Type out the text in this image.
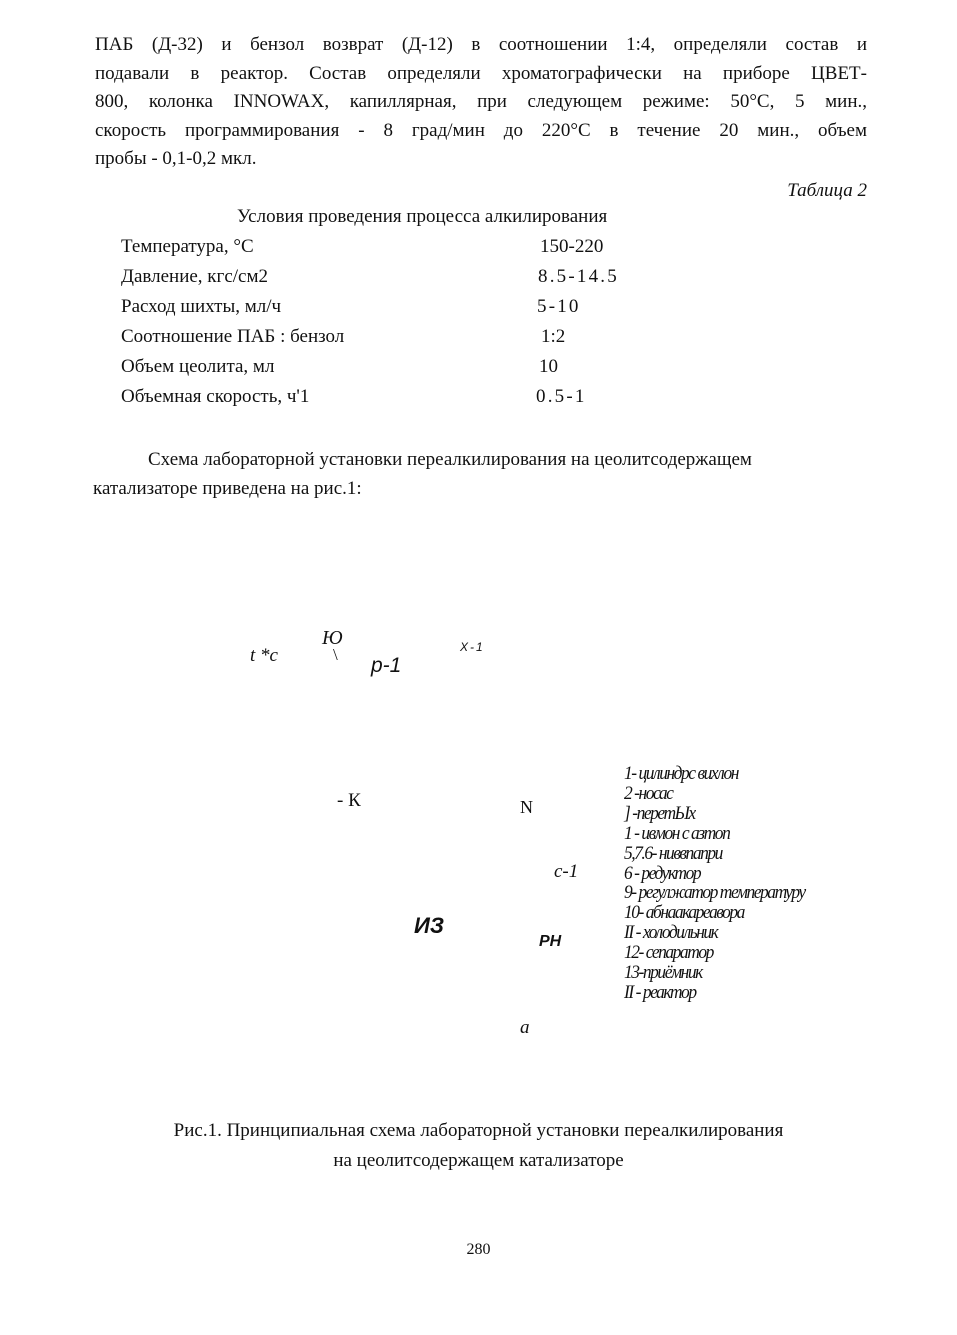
ПАБ (Д-32) и бензол возврат (Д-12) в соотношении 1:4, определяли состав и
подавали в реактор. Состав определяли хроматографически на приборе ЦВЕТ-
800, колонка INNOWAX, капиллярная, при следующем режиме: 50°С, 5 мин.,
скорость программирования - 8 град/мин до 220°С в течение 20 мин., объем
пробы - 0,1-0,2 мкл.
Таблица 2
Условия проведения процесса алкилирования
Температура, °С	150-220
Давление, кгс/см2	8.5-14.5
Расход шихты, мл/ч	5-10
Соотношение ПАБ : бензол	1:2
Объем цеолита, мл	10
Объемная скорость, ч'1	0.5-1
Схема лабораторной установки переалкилирования на цеолитсодержащем
катализаторе приведена на рис.1:
t *с
Ю
\ р-1
Х-1
- К	N
с-1
ИЗ
РН
а
1- цилиндрс вихлон
2 -носас
] -перетЫх
1 - ивмон с азтоп
5,7.6- ниввпапри
6 - редуктор
9- регулжатор температуру
10- абнаакареавора
II - холодильник
12- сепаратор
13-приёмник
II - реактор
Рис.1. Принципиальная схема лабораторной установки переалкилирования
на цеолитсодержащем катализаторе
280
